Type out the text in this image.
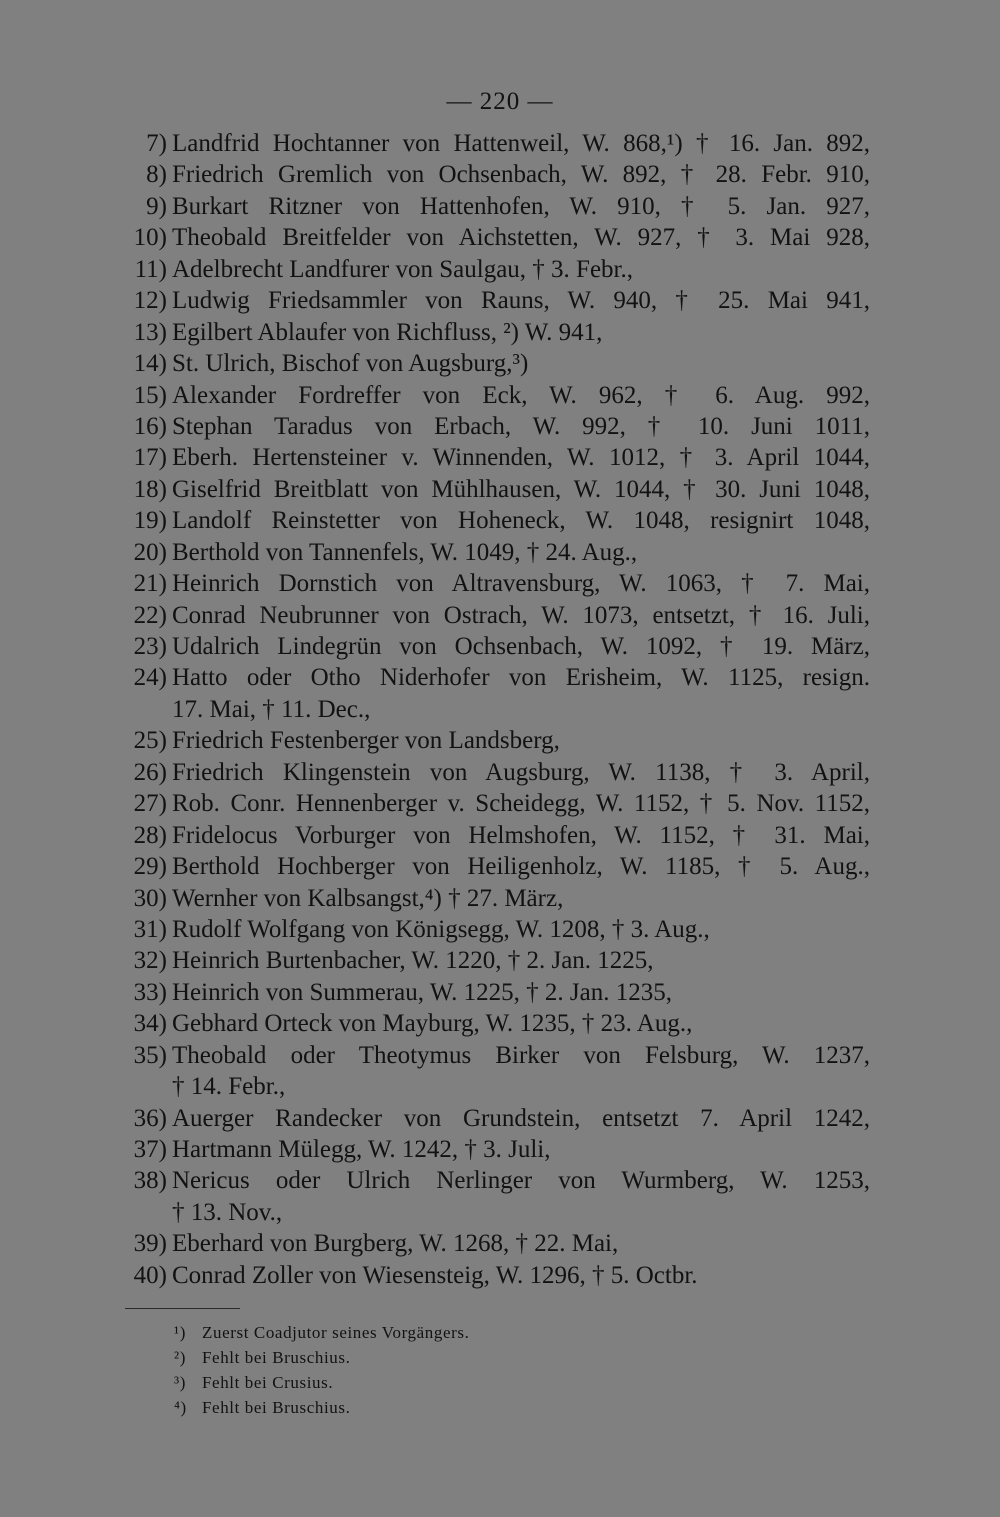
— 220 —
7) Landfrid Hochtanner von Hattenweil, W. 868,¹) † 16. Jan. 892,
8) Friedrich Gremlich von Ochsenbach, W. 892, † 28. Febr. 910,
9) Burkart Ritzner von Hattenhofen, W. 910, † 5. Jan. 927,
10) Theobald Breitfelder von Aichstetten, W. 927, † 3. Mai 928,
11) Adelbrecht Landfurer von Saulgau, † 3. Febr.,
12) Ludwig Friedsammler von Rauns, W. 940, † 25. Mai 941,
13) Egilbert Ablaufer von Richfluss, ²) W. 941,
14) St. Ulrich, Bischof von Augsburg,³)
15) Alexander Fordreffer von Eck, W. 962, † 6. Aug. 992,
16) Stephan Taradus von Erbach, W. 992, † 10. Juni 1011,
17) Eberh. Hertensteiner v. Winnenden, W. 1012, † 3. April 1044,
18) Giselfrid Breitblatt von Mühlhausen, W. 1044, † 30. Juni 1048,
19) Landolf Reinstetter von Hoheneck, W. 1048, resignirt 1048,
20) Berthold von Tannenfels, W. 1049, † 24. Aug.,
21) Heinrich Dornstich von Altravensburg, W. 1063, † 7. Mai,
22) Conrad Neubrunner von Ostrach, W. 1073, entsetzt, † 16. Juli,
23) Udalrich Lindegrün von Ochsenbach, W. 1092, † 19. März,
24) Hatto oder Otho Niderhofer von Erisheim, W. 1125, resign.
17. Mai, † 11. Dec.,
25) Friedrich Festenberger von Landsberg,
26) Friedrich Klingenstein von Augsburg, W. 1138, † 3. April,
27) Rob. Conr. Hennenberger v. Scheidegg, W. 1152, † 5. Nov. 1152,
28) Fridelocus Vorburger von Helmshofen, W. 1152, † 31. Mai,
29) Berthold Hochberger von Heiligenholz, W. 1185, † 5. Aug.,
30) Wernher von Kalbsangst,⁴) † 27. März,
31) Rudolf Wolfgang von Königsegg, W. 1208, † 3. Aug.,
32) Heinrich Burtenbacher, W. 1220, † 2. Jan. 1225,
33) Heinrich von Summerau, W. 1225, † 2. Jan. 1235,
34) Gebhard Orteck von Mayburg, W. 1235, † 23. Aug.,
35) Theobald oder Theotymus Birker von Felsburg, W. 1237,
† 14. Febr.,
36) Auerger Randecker von Grundstein, entsetzt 7. April 1242,
37) Hartmann Mülegg, W. 1242, † 3. Juli,
38) Nericus oder Ulrich Nerlinger von Wurmberg, W. 1253,
† 13. Nov.,
39) Eberhard von Burgberg, W. 1268, † 22. Mai,
40) Conrad Zoller von Wiesensteig, W. 1296, † 5. Octbr.
¹) Zuerst Coadjutor seines Vorgängers.
²) Fehlt bei Bruschius.
³) Fehlt bei Crusius.
⁴) Fehlt bei Bruschius.
